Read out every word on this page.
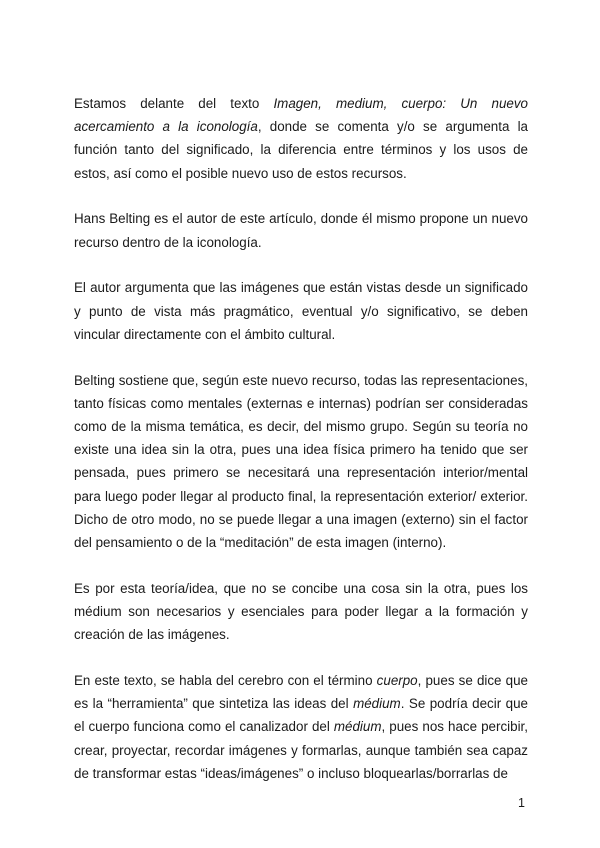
Estamos delante del texto Imagen, medium, cuerpo: Un nuevo acercamiento a la iconología, donde se comenta y/o se argumenta la función tanto del significado, la diferencia entre términos y los usos de estos, así como el posible nuevo uso de estos recursos.

Hans Belting es el autor de este artículo, donde él mismo propone un nuevo recurso dentro de la iconología.

El autor argumenta que las imágenes que están vistas desde un significado y punto de vista más pragmático, eventual y/o significativo, se deben vincular directamente con el ámbito cultural.

Belting sostiene que, según este nuevo recurso, todas las representaciones, tanto físicas como mentales (externas e internas) podrían ser consideradas como de la misma temática, es decir, del mismo grupo. Según su teoría no existe una idea sin la otra, pues una idea física primero ha tenido que ser pensada, pues primero se necesitará una representación interior/mental para luego poder llegar al producto final, la representación exterior/ exterior. Dicho de otro modo, no se puede llegar a una imagen (externo) sin el factor del pensamiento o de la “meditación” de esta imagen (interno).

Es por esta teoría/idea, que no se concibe una cosa sin la otra, pues los médium son necesarios y esenciales para poder llegar a la formación y creación de las imágenes.

En este texto, se habla del cerebro con el término cuerpo, pues se dice que es la “herramienta” que sintetiza las ideas del médium. Se podría decir que el cuerpo funciona como el canalizador del médium, pues nos hace percibir, crear, proyectar, recordar imágenes y formarlas, aunque también sea capaz de transformar estas “ideas/imágenes” o incluso bloquearlas/borrarlas de

1
